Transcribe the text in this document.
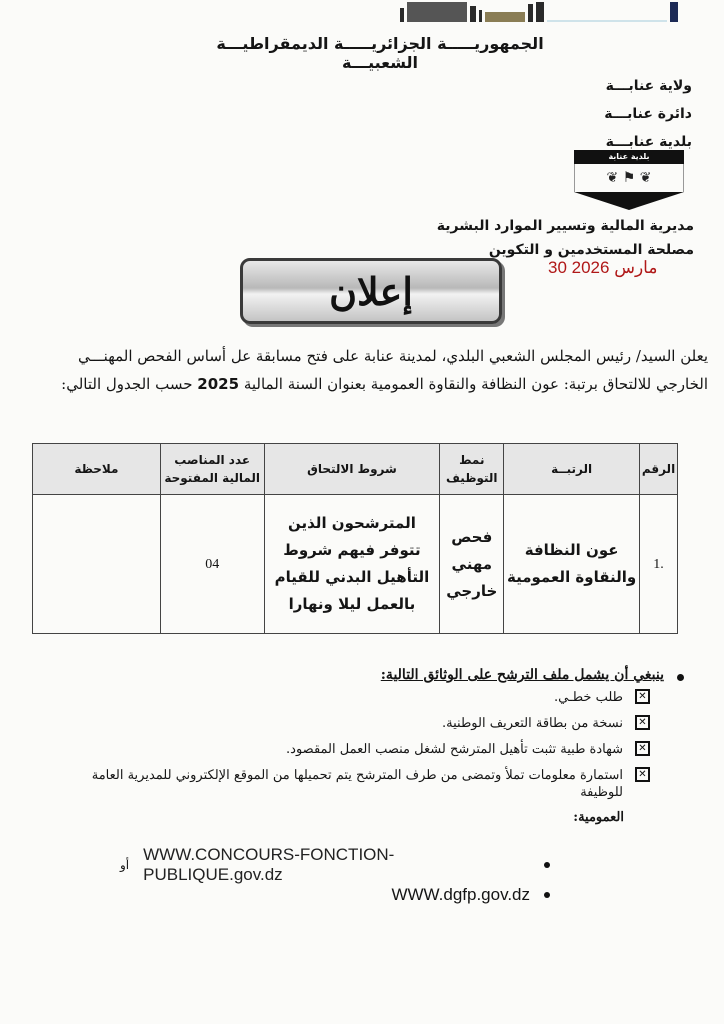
الجمهوريـــــة الجزائريـــــة الديمقراطيـــة الشعبيـــة
ولاية عنابـــة
دائرة عنابـــة
بلدية عنابـــة
بلدية عنابة
❦ ⚑ ❦
مديرية المالية وتسيير الموارد البشرية
مصلحة المستخدمين و التكوين
30 مارس 2026
إعلان
يعلن السيد/ رئيس المجلس الشعبي البلدي، لمدينة عنابة على فتح مسابقة عل أساس الفحص المهنـــي
الخارجي للالتحاق برتبة: عون النظافة والنقاوة العمومية بعنوان السنة المالية 2025 حسب الجدول التالي:
الرقم	الرتبــة	نمط التوظيف	شروط الالتحاق	عدد المناصب المالية المفتوحة	ملاحظة
.1	عون النظافة والنقاوة العمومية	فحص مهني خارجي	المترشحون الذين تتوفر فيهم شروط التأهيل البدني للقيام بالعمل ليلا ونهارا	04	
ينبغي أن يشمل ملف الترشح على الوثائق التالية:
✕
طلب خطـي.
✕
نسخة من بطاقة التعريف الوطنية.
✕
شهادة طبية تثبت تأهيل المترشح لشغل منصب العمل المقصود.
✕
استمارة معلومات تملأ وتمضى من طرف المترشح يتم تحميلها من الموقع الإلكتروني للمديرية العامة للوظيفة
العمومية:
أو
WWW.CONCOURS-FONCTION-PUBLIQUE.gov.dz
WWW.dgfp.gov.dz
